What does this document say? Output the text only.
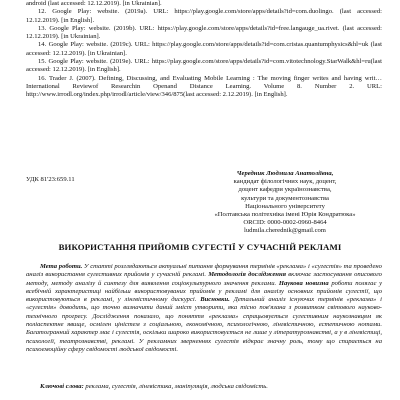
android (last accessed: 12.12.2019). [in Ukrainian].

12. Google Play: website. (2019a). URL: https://play.google.com/store/apps/details?id=com.duolingo. (last accessed: 12.12.2019). [in English].

13. Google Play: website. (2019b). URL: https://play.google.com/store/apps/details?id=free.langauge_ua.rivet. (last accessed: 12.12.2019). [in Ukrainian].

14. Google Play: website. (2019c). URL: https://play.google.com/store/apps/details?id=com.cristas.quantumphysics&hl=uk (last accessed: 12.12.2019). [in Ukrainian].

15. Google Play: website. (2019e). URL: https://play.google.com/store/apps/details?id=com.vitotechnology.StarWalk&hl=ru(last accessed: 12.12.2019). [in English].

16. Trader J. (2007). Defining, Discussing, and Evaluating Mobile Learning : The moving finger writes and having writ… International Reviewof Researchin Openand Distance Learning. Volume 8. Number 2. URL: http://www.irrodl.org/index.php/irrodl/article/view/346/875(last accessed: 2.12.2019). [in English].

УДК 81'23:659.11
Чередник Людмила Анатоліївна,
кандидат філологічних наук, доцент,
доцент кафедри українознавства,
культури та документознавства
Національного університету
«Полтавська політехніка імені Юрія Кондратюка»
ORCID: 0000-0002-0960-8464
ludmila.cherednik@gmail.com
ВИКОРИСТАННЯ ПРИЙОМІВ СУГЕСТІЇ У СУЧАСНІЙ РЕКЛАМІ
Мета роботи. У статті розглядаються актуальні питання формування термінів «реклама» і «сугестія» та проведено аналіз використання сугестивних прийомів у сучасній рекламі. Методологія дослідження включає застосування описового методу, методу аналізу й синтезу для виявлення соціокультурного значення реклами. Наукова новизна роботи полягає у всебічній характеристиці найбільш використовуваних прийомів у рекламі для аналізу основних прийомів сугестії, що використовуються в рекламі, у лінгвістичному дискурсі. Висновки. Детальний аналіз існуючих термінів «реклама» і «сугестія» доводить, що точно визначити даний зміст утворити, яка тісно пов'язана з розвитком світового науково-технічного прогресу. Дослідження показало, що поняття «реклама» спрацьовується сугестивним наукознавцям як поліаспектне явище, осмілен ціністем з соціальною, економічною, психологічною, лінгвістичною, естетичною нотами. Багатогранний характер має і сугестія, оскільки широко використовується не лише у літературознавстві, а у в лінгвістиці, психології, театрознавстві, рекламі. У рекламних зверненнях сугестія відкрає значну роль, тому що спирається на психоемоційну сферу свідомості людської свідомості.
Ключові слова: реклама, сугестія, лінгвістика, маніпуляція, людська свідомість.
